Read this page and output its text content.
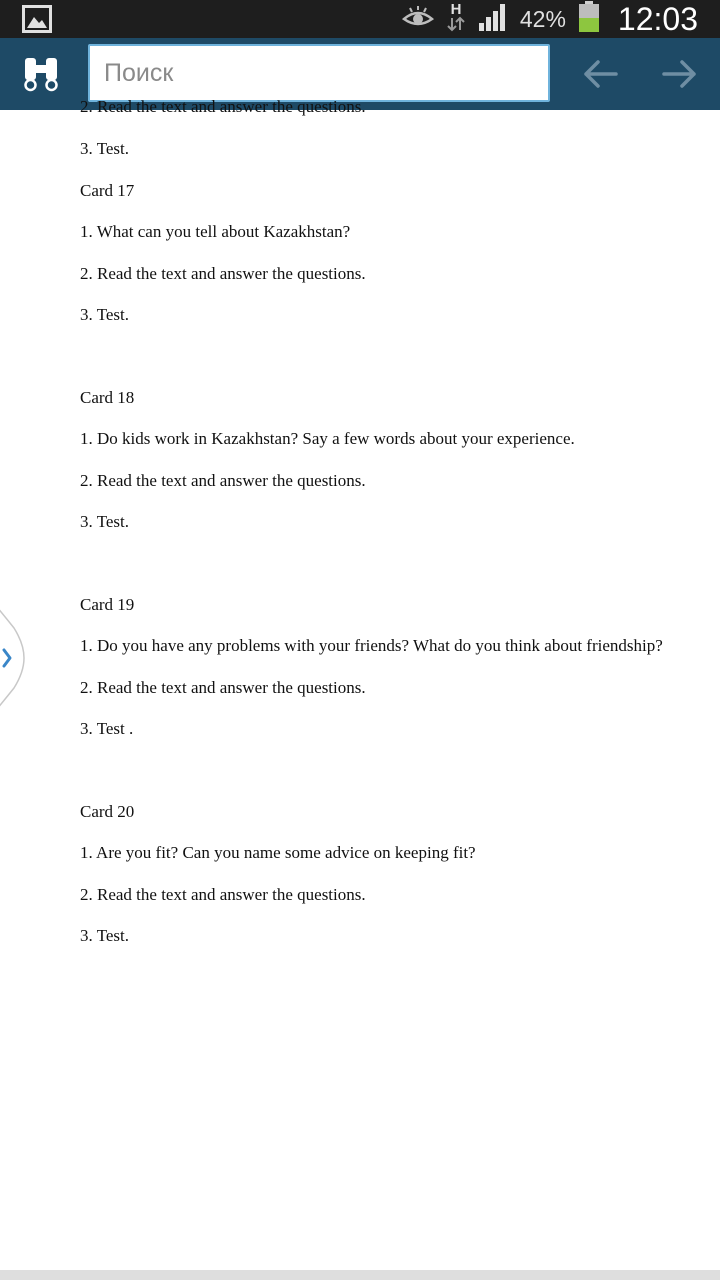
H	42% 12:03
Поиск

2. Read the text and answer the questions.

3. Test.

Card 17

1. What can you tell about Kazakhstan?

2. Read the text and answer the questions.

3. Test.

Card 18

1. Do kids work in Kazakhstan? Say a few words about your experience.

2. Read the text and answer the questions.

3. Test.

Card 19

1. Do you have any problems with your friends? What do you think about friendship?

2. Read the text and answer the questions.

3. Test .

Card 20

1. Are you fit? Can you name some advice on keeping fit?

2. Read the text and answer the questions.

3. Test.
